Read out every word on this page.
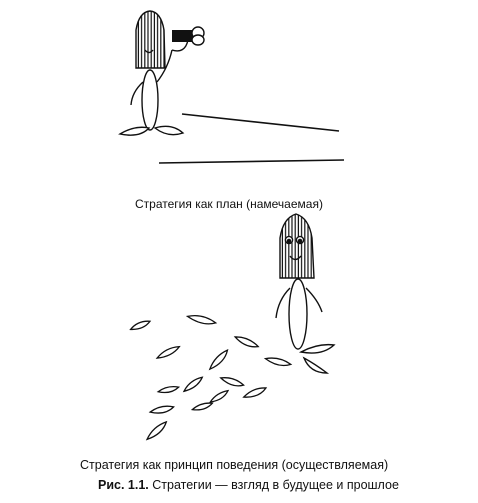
Стратегия как план (намечаемая)
Стратегия как принцип поведения (осуществляемая)
Рис. 1.1. Стратегии — взгляд в будущее и прошлое
